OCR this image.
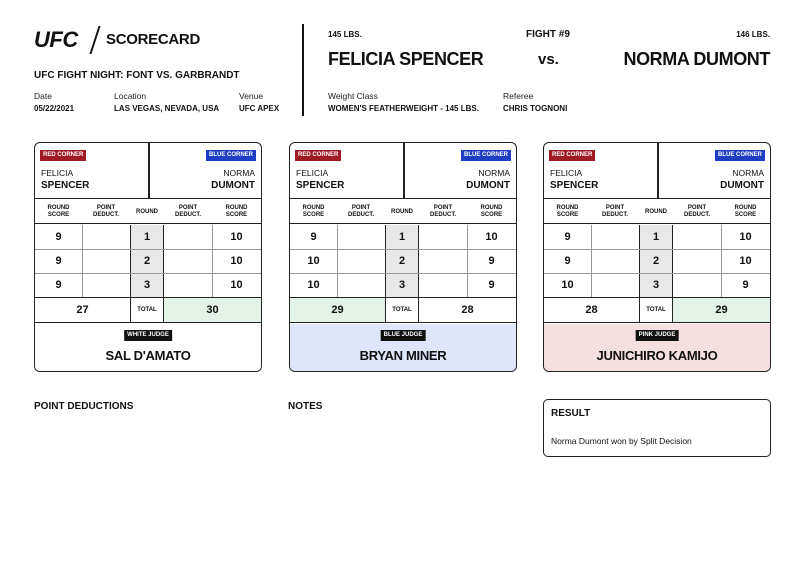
UFC SCORECARD
UFC FIGHT NIGHT: FONT VS. GARBRANDT
Date
05/22/2021
Location
LAS VEGAS, NEVADA, USA
Venue
UFC APEX
145 LBS.
FELICIA SPENCER
FIGHT #9
vs.
146 LBS.
NORMA DUMONT
Weight Class
WOMEN'S FEATHERWEIGHT - 145 LBS.
Referee
CHRIS TOGNONI
RED CORNER
FELICIA
SPENCER
BLUE CORNER
NORMA
DUMONT
ROUND
SCORE
POINT
DEDUCT.
ROUND
POINT
DEDUCT.
ROUND
SCORE
9	1	10
9	2	10
9	3	10
27	TOTAL	30
WHITE JUDGE
SAL D'AMATO
RED CORNER
FELICIA
SPENCER
BLUE CORNER
NORMA
DUMONT
ROUND
SCORE
POINT
DEDUCT.
ROUND
POINT
DEDUCT.
ROUND
SCORE
9	1	10
10	2	9
10	3	9
29	TOTAL	28
BLUE JUDGE
BRYAN MINER
RED CORNER
FELICIA
SPENCER
BLUE CORNER
NORMA
DUMONT
ROUND
SCORE
POINT
DEDUCT.
ROUND
POINT
DEDUCT.
ROUND
SCORE
9	1	10
9	2	10
10	3	9
28	TOTAL	29
PINK JUDGE
JUNICHIRO KAMIJO
POINT DEDUCTIONS	NOTES
RESULT
Norma Dumont won by Split Decision
